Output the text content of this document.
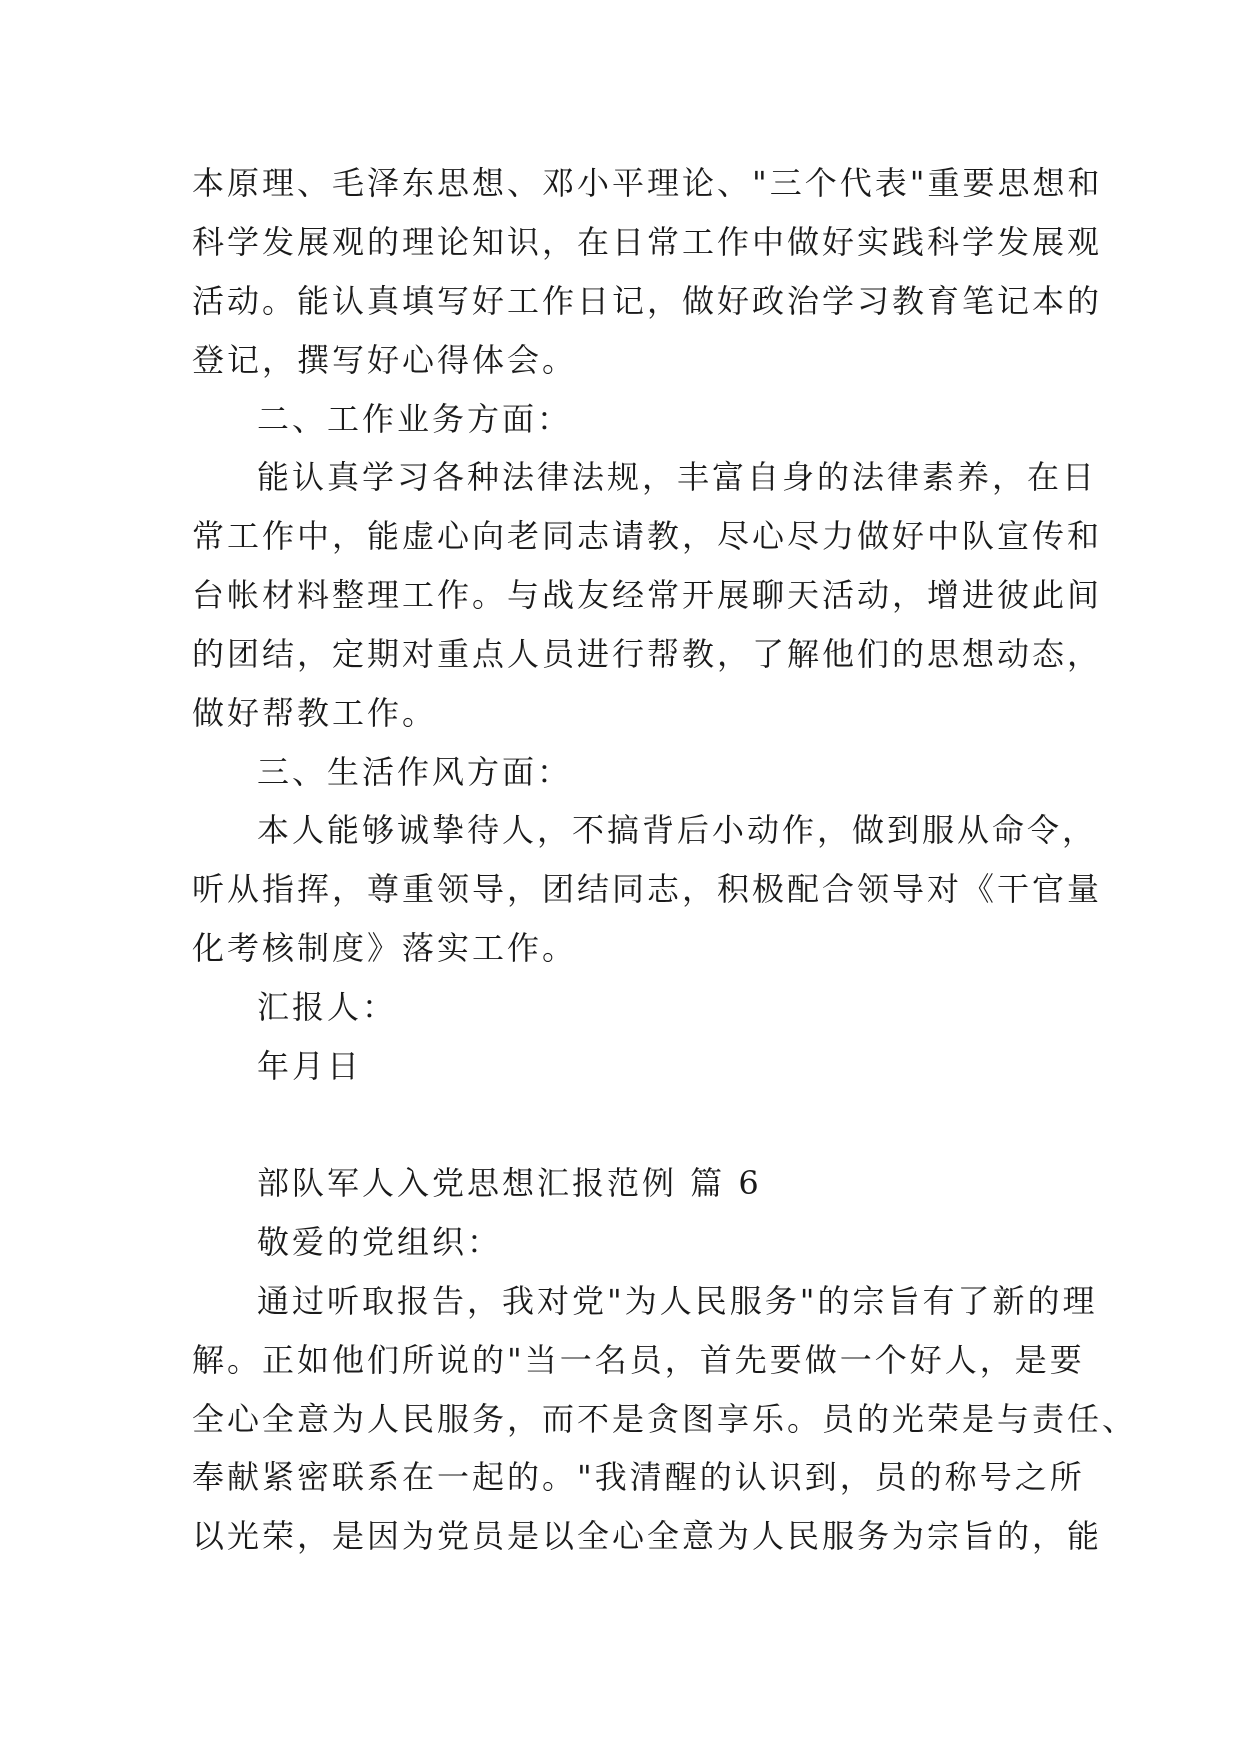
本原理、毛泽东思想、邓小平理论、"三个代表"重要思想和
科学发展观的理论知识，在日常工作中做好实践科学发展观
活动。能认真填写好工作日记，做好政治学习教育笔记本的
登记，撰写好心得体会。
二、工作业务方面：
能认真学习各种法律法规，丰富自身的法律素养，在日
常工作中，能虚心向老同志请教，尽心尽力做好中队宣传和
台帐材料整理工作。与战友经常开展聊天活动，增进彼此间
的团结，定期对重点人员进行帮教，了解他们的思想动态，
做好帮教工作。
三、生活作风方面：
本人能够诚挚待人，不搞背后小动作，做到服从命令，
听从指挥，尊重领导，团结同志，积极配合领导对《干官量
化考核制度》落实工作。
汇报人：
年月日
部队军人入党思想汇报范例 篇 6
敬爱的党组织：
通过听取报告，我对党"为人民服务"的宗旨有了新的理
解。正如他们所说的"当一名员，首先要做一个好人，是要
全心全意为人民服务，而不是贪图享乐。员的光荣是与责任、
奉献紧密联系在一起的。"我清醒的认识到，员的称号之所
以光荣，是因为党员是以全心全意为人民服务为宗旨的，能
